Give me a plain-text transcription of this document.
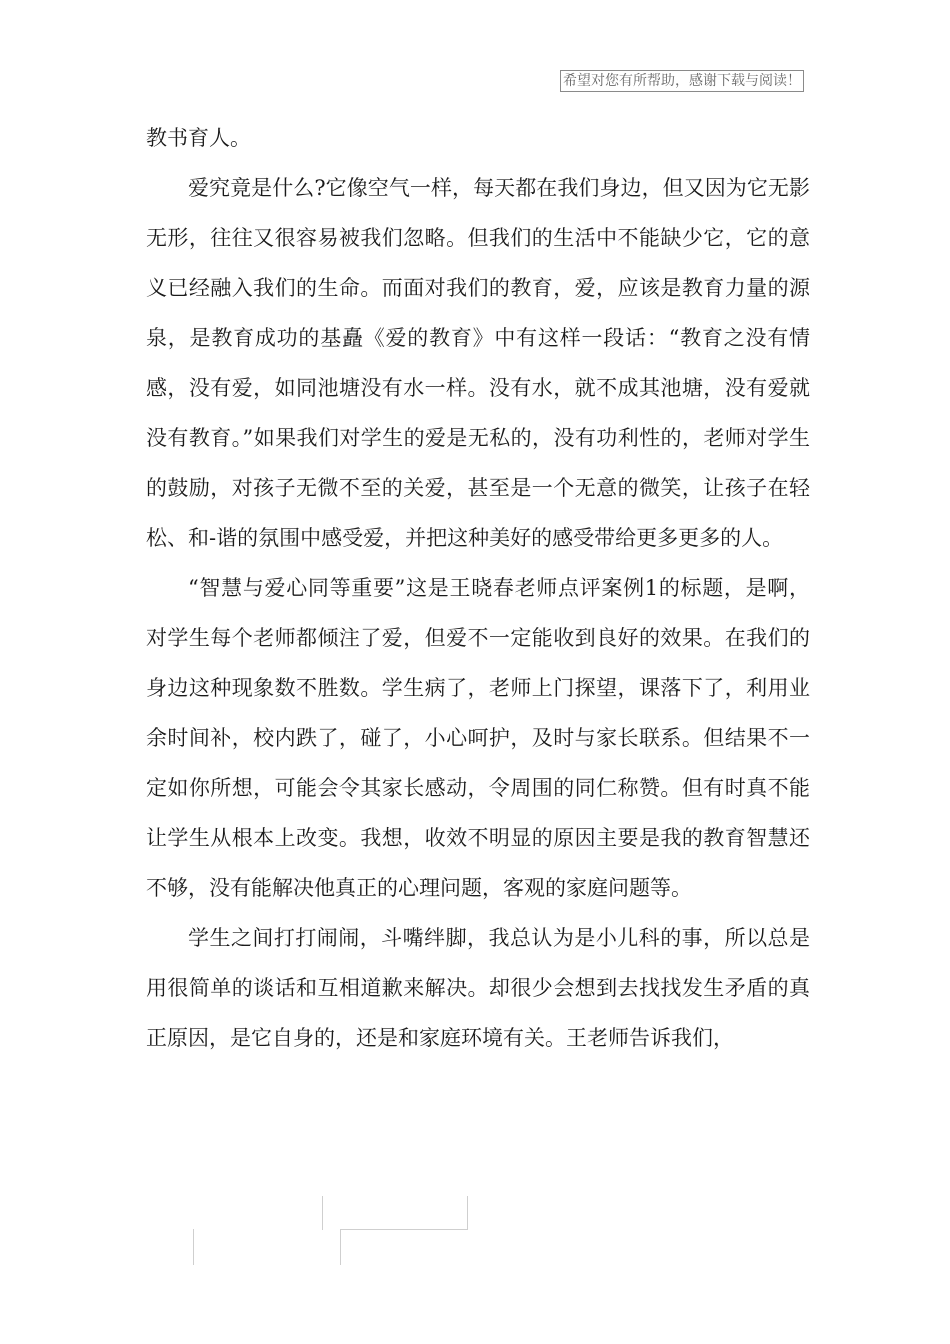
希望对您有所帮助，感谢下载与阅读！

教书育人。

爱究竟是什么?它像空气一样，每天都在我们身边，但又因为它无影无形，往往又很容易被我们忽略。但我们的生活中不能缺少它，它的意义已经融入我们的生命。而面对我们的教育，爱，应该是教育力量的源泉，是教育成功的基矗《爱的教育》中有这样一段话：“教育之没有情感，没有爱，如同池塘没有水一样。没有水，就不成其池塘，没有爱就没有教育。”如果我们对学生的爱是无私的，没有功利性的，老师对学生的鼓励，对孩子无微不至的关爱，甚至是一个无意的微笑，让孩子在轻松、和-谐的氛围中感受爱，并把这种美好的感受带给更多更多的人。

“智慧与爱心同等重要”这是王晓春老师点评案例1的标题，是啊，对学生每个老师都倾注了爱，但爱不一定能收到良好的效果。在我们的身边这种现象数不胜数。学生病了，老师上门探望，课落下了，利用业余时间补，校内跌了，碰了，小心呵护，及时与家长联系。但结果不一定如你所想，可能会令其家长感动，令周围的同仁称赞。但有时真不能让学生从根本上改变。我想，收效不明显的原因主要是我的教育智慧还不够，没有能解决他真正的心理问题，客观的家庭问题等。

学生之间打打闹闹，斗嘴绊脚，我总认为是小儿科的事，所以总是用很简单的谈话和互相道歉来解决。却很少会想到去找找发生矛盾的真正原因，是它自身的，还是和家庭环境有关。王老师告诉我们，
